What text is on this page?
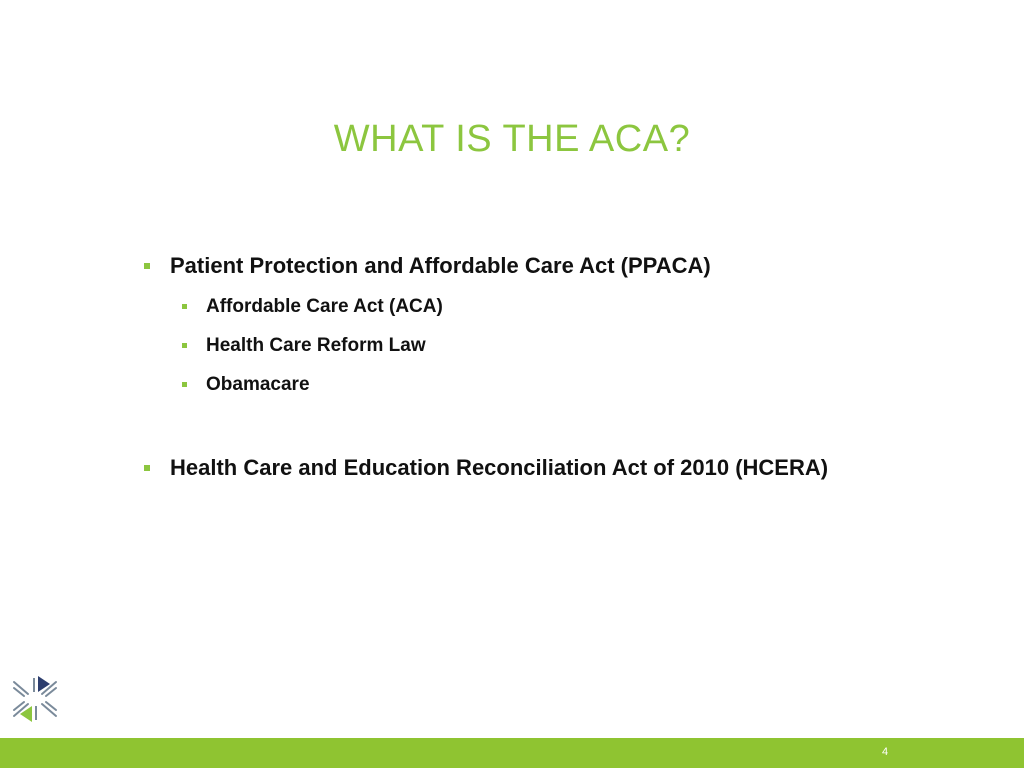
WHAT IS THE ACA?
Patient Protection and Affordable Care Act (PPACA)
Affordable Care Act (ACA)
Health Care Reform Law
Obamacare
Health Care and Education Reconciliation Act of 2010 (HCERA)
4
